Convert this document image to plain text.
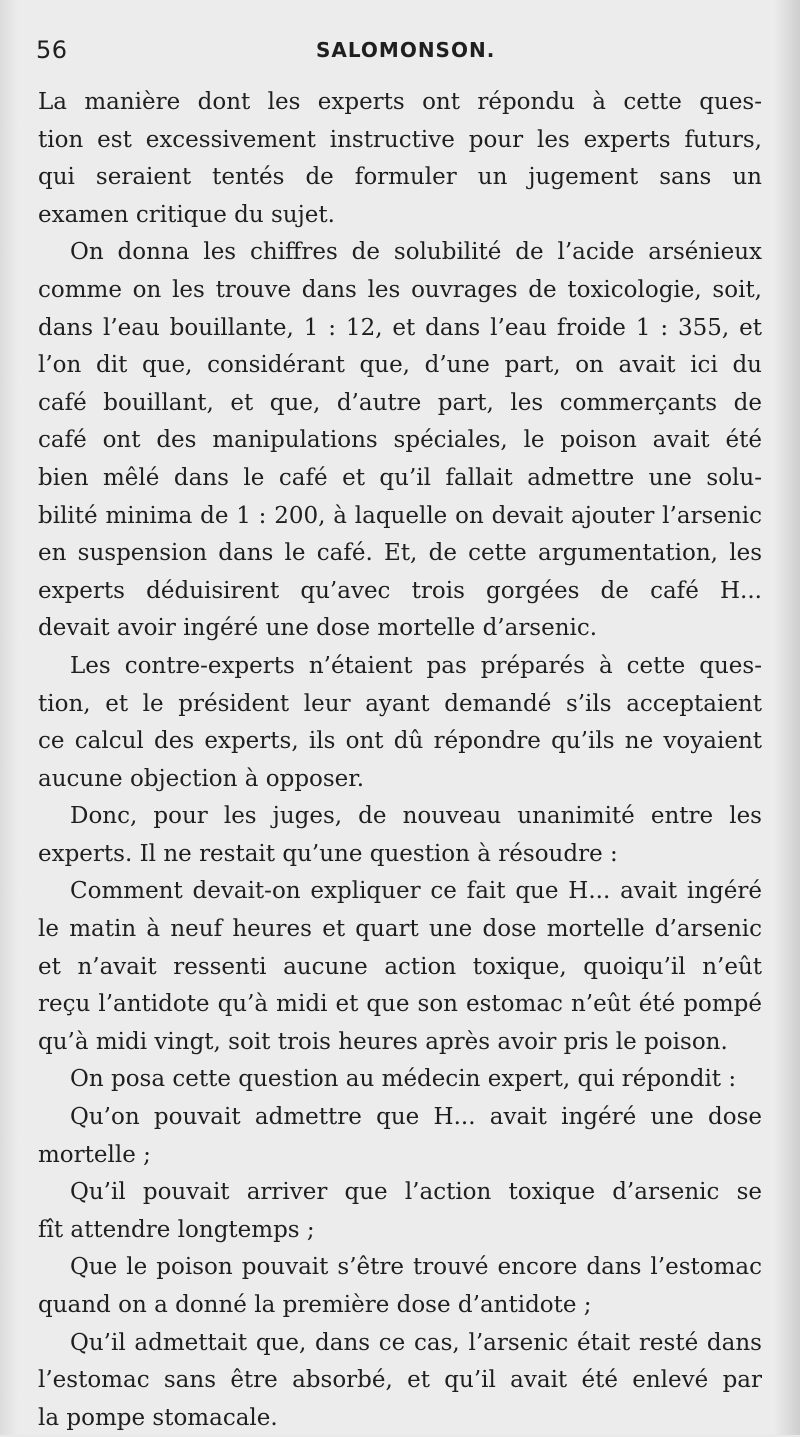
56	SALOMONSON.
La manière dont les experts ont répondu à cette ques-
tion est excessivement instructive pour les experts futurs,
qui seraient tentés de formuler un jugement sans un
examen critique du sujet.
On donna les chiffres de solubilité de l’acide arsénieux
comme on les trouve dans les ouvrages de toxicologie, soit,
dans l’eau bouillante, 1 : 12, et dans l’eau froide 1 : 355, et
l’on dit que, considérant que, d’une part, on avait ici du
café bouillant, et que, d’autre part, les commerçants de
café ont des manipulations spéciales, le poison avait été
bien mêlé dans le café et qu’il fallait admettre une solu-
bilité minima de 1 : 200, à laquelle on devait ajouter l’arsenic
en suspension dans le café. Et, de cette argumentation, les
experts déduisirent qu’avec trois gorgées de café H...
devait avoir ingéré une dose mortelle d’arsenic.
Les contre-experts n’étaient pas préparés à cette ques-
tion, et le président leur ayant demandé s’ils acceptaient
ce calcul des experts, ils ont dû répondre qu’ils ne voyaient
aucune objection à opposer.
Donc, pour les juges, de nouveau unanimité entre les
experts. Il ne restait qu’une question à résoudre :
Comment devait-on expliquer ce fait que H... avait ingéré
le matin à neuf heures et quart une dose mortelle d’arsenic
et n’avait ressenti aucune action toxique, quoiqu’il n’eût
reçu l’antidote qu’à midi et que son estomac n’eût été pompé
qu’à midi vingt, soit trois heures après avoir pris le poison.
On posa cette question au médecin expert, qui répondit :
Qu’on pouvait admettre que H... avait ingéré une dose
mortelle ;
Qu’il pouvait arriver que l’action toxique d’arsenic se
fît attendre longtemps ;
Que le poison pouvait s’être trouvé encore dans l’estomac
quand on a donné la première dose d’antidote ;
Qu’il admettait que, dans ce cas, l’arsenic était resté dans
l’estomac sans être absorbé, et qu’il avait été enlevé par
la pompe stomacale.
